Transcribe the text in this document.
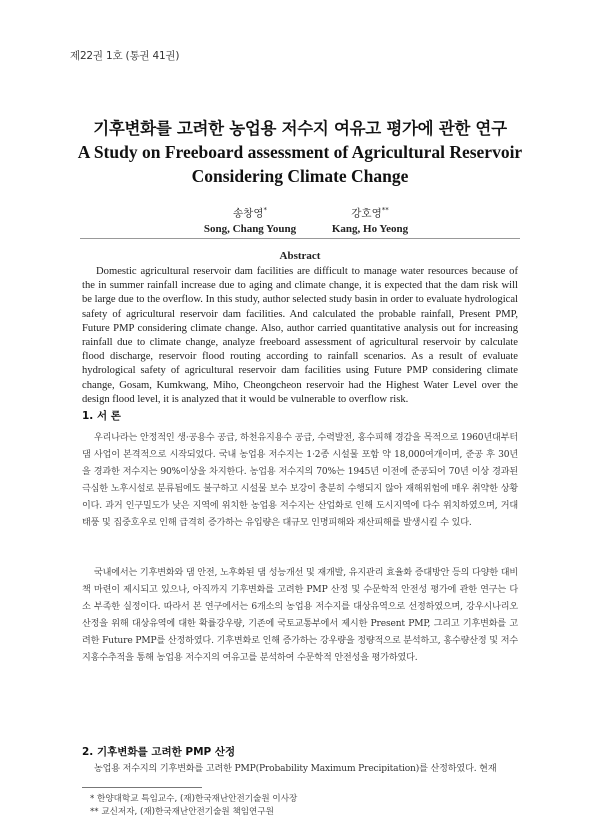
제22권 1호 (통권 41권)
기후변화를 고려한 농업용 저수지 여유고 평가에 관한 연구
A Study on Freeboard assessment of Agricultural Reservoir
Considering Climate Change
송창영*
Song, Chang Young
강호영**
Kang, Ho Yeong
Abstract
Domestic agricultural reservoir dam facilities are difficult to manage water resources because of the in summer rainfall increase due to aging and climate change, it is expected that the dam risk will be large due to the overflow. In this study, author selected study basin in order to evaluate hydrological safety of agricultural reservoir dam facilities. And calculated the probable rainfall, Present PMP, Future PMP considering climate change. Also, author carried quantitative analysis out for increasing rainfall due to climate change, analyze freeboard assessment of agricultural reservoir by calculate flood discharge, reservoir flood routing according to rainfall scenarios. As a result of evaluate hydrological safety of agricultural reservoir dam facilities using Future PMP considering climate change, Gosam, Kumkwang, Miho, Cheongcheon reservoir had the Highest Water Level over the design flood level, it is analyzed that it would be vulnerable to overflow risk.
1. 서 론
우리나라는 안정적인 생·공용수 공급, 하천유지용수 공급, 수력발전, 홍수피해 경감을 목적으로 1960년대부터 댐 사업이 본격적으로 시작되었다. 국내 농업용 저수지는 1·2종 시설물 포함 약 18,000여개이며, 준공 후 30년을 경과한 저수지는 90%이상을 차지한다. 농업용 저수지의 70%는 1945년 이전에 준공되어 70년 이상 경과된 극심한 노후시설로 분류됨에도 불구하고 시설물 보수 보강이 충분히 수행되지 않아 재해위험에 매우 취약한 상황이다. 과거 인구밀도가 낮은 지역에 위치한 농업용 저수지는 산업화로 인해 도시지역에 다수 위치하였으며, 거대태풍 및 집중호우로 인해 급격히 증가하는 유입량은 대규모 인명피해와 재산피해를 발생시킬 수 있다.
국내에서는 기후변화와 댐 안전, 노후화된 댐 성능개선 및 재개발, 유지관리 효율화 증대방안 등의 다양한 대비책 마련이 제시되고 있으나, 아직까지 기후변화를 고려한 PMP 산정 및 수문학적 안전성 평가에 관한 연구는 다소 부족한 실정이다. 따라서 본 연구에서는 6개소의 농업용 저수지를 대상유역으로 선정하였으며, 강우시나리오 산정을 위해 대상유역에 대한 확률강우량, 기존에 국토교통부에서 제시한 Present PMP, 그리고 기후변화를 고려한 Future PMP를 산정하였다. 기후변화로 인해 증가하는 강우량을 정량적으로 분석하고, 홍수량산정 및 저수지홍수추적을 통해 농업용 저수지의 여유고를 분석하여 수문학적 안전성을 평가하였다.
2. 기후변화를 고려한 PMP 산정
농업용 저수지의 기후변화를 고려한 PMP(Probability Maximum Precipitation)를 산정하였다. 현재
* 한양대학교 특임교수, (재)한국재난안전기술원 이사장
** 교신저자, (재)한국재난안전기술원 책임연구원
